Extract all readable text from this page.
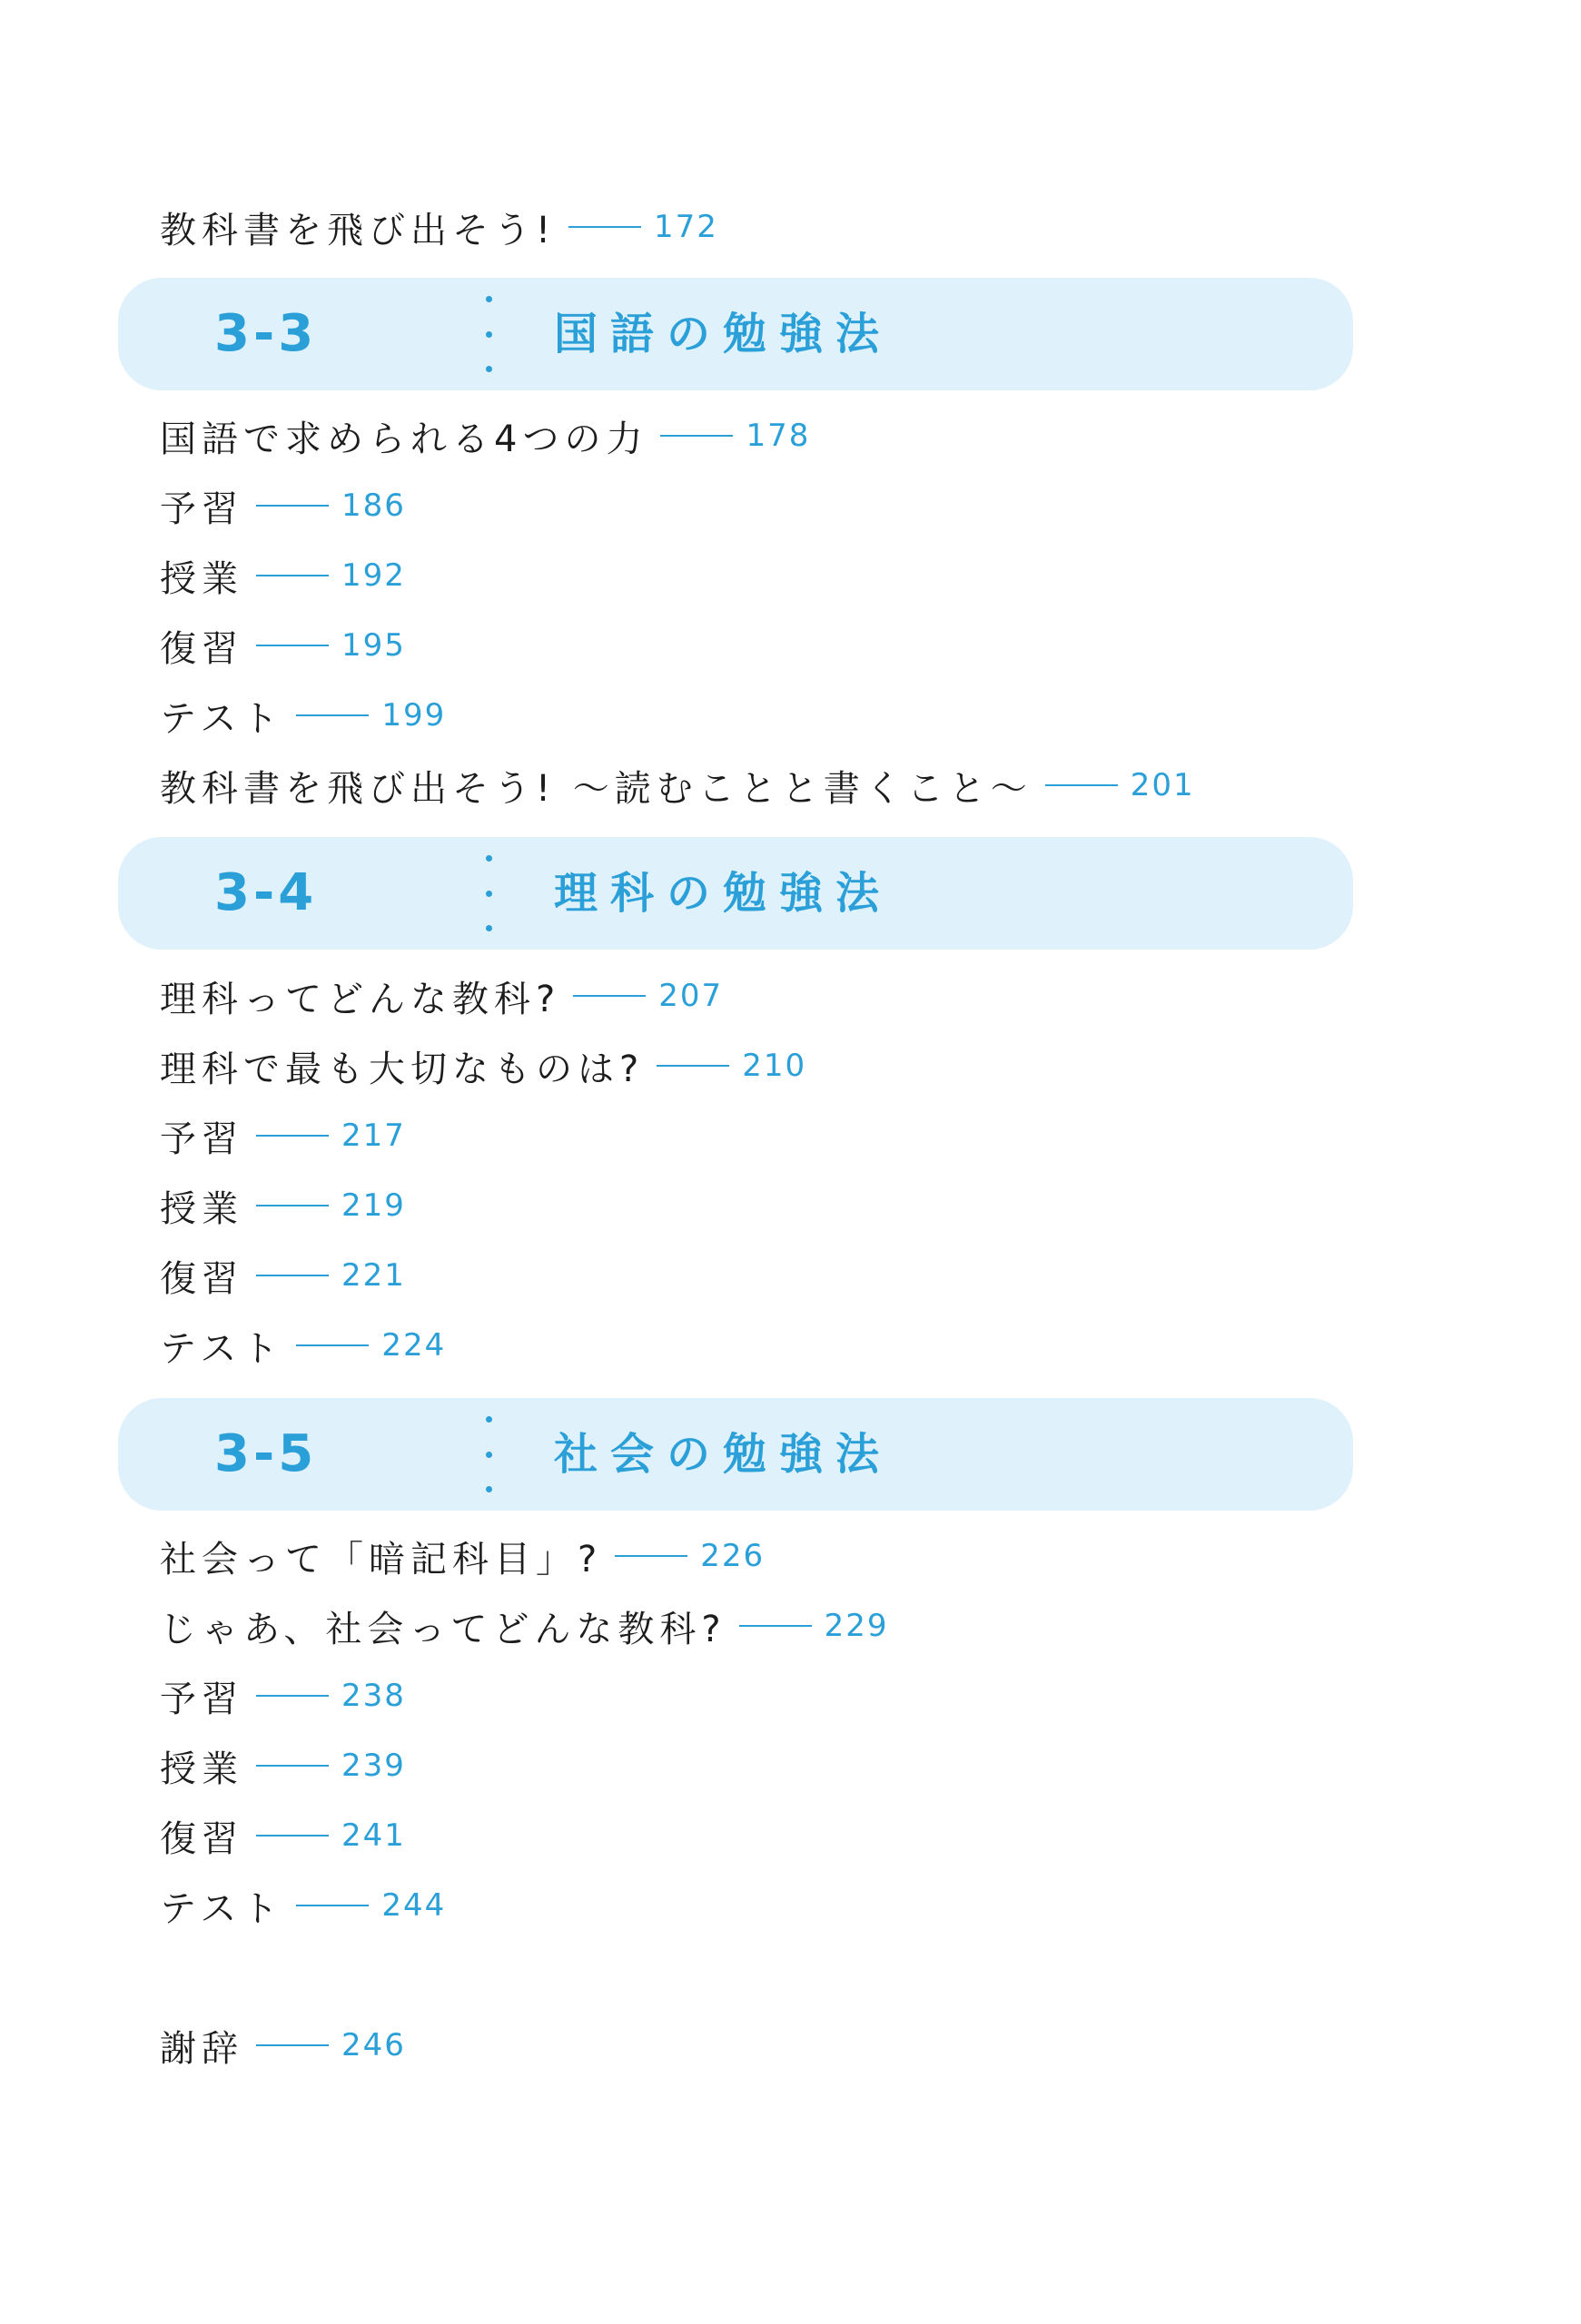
教科書を飛び出そう!	172
3-3	国語の勉強法
国語で求められる4つの力	178
予習	186
授業	192
復習	195
テスト	199
教科書を飛び出そう! 〜読むことと書くこと〜	201
3-4	理科の勉強法
理科ってどんな教科?	207
理科で最も大切なものは?	210
予習	217
授業	219
復習	221
テスト	224
3-5	社会の勉強法
社会って「暗記科目」?	226
じゃあ、社会ってどんな教科?	229
予習	238
授業	239
復習	241
テスト	244
謝辞	246
